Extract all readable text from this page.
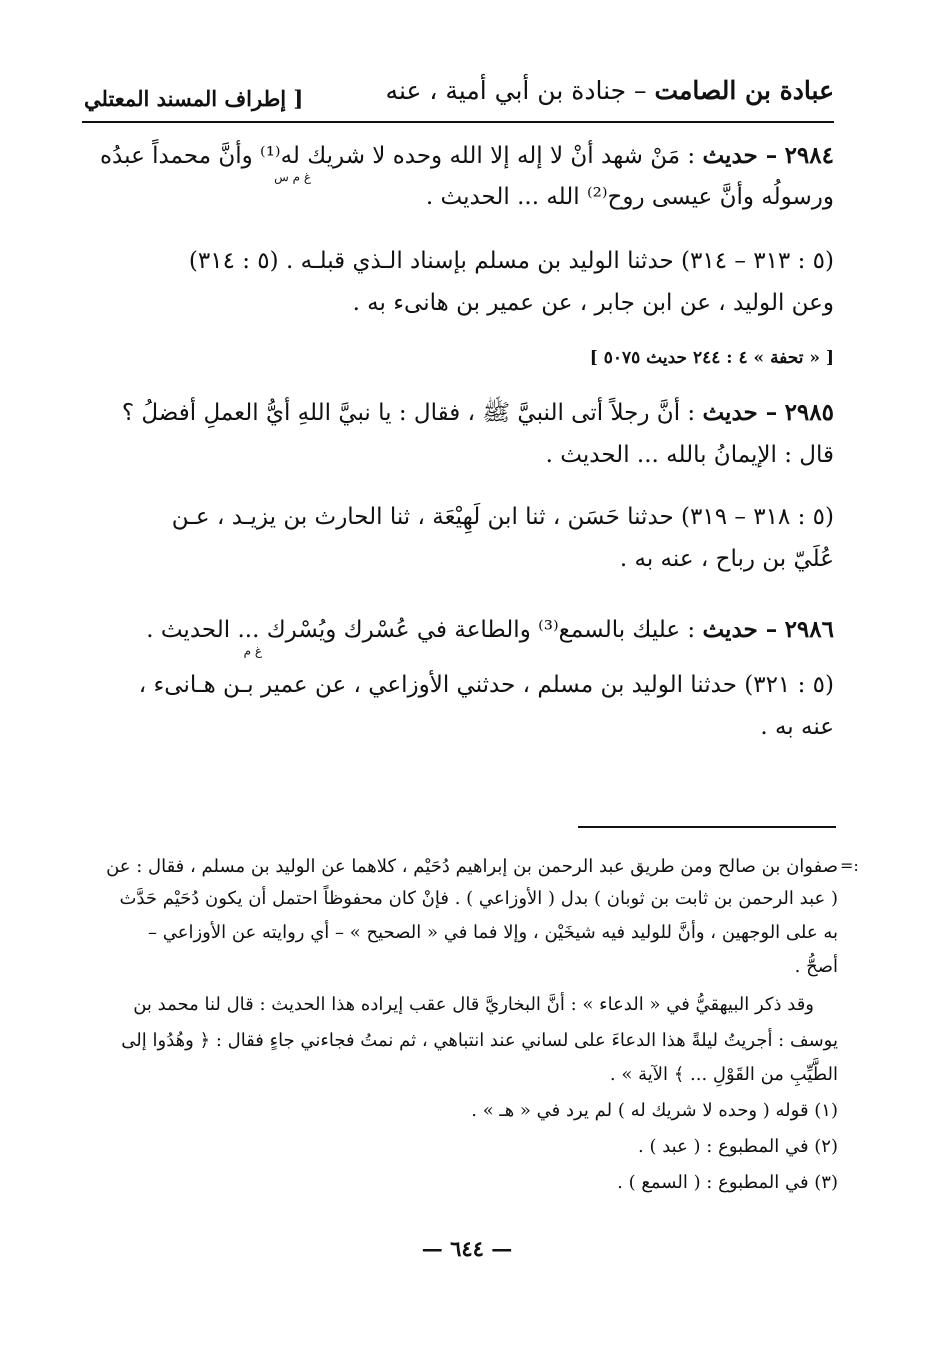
عبادة بن الصامت – جنادة بن أبي أمية ، عنه
[ إطراف المسند المعتلي
٢٩٨٤ – حديث : مَنْ شهد أنْ لا إله إلا الله وحده لا شريك له⁽¹⁾ وأنَّ محمداً عبدُه
غ م س
ورسولُه وأنَّ عيسى روح⁽²⁾ الله ... الحديث .
(٥ : ٣١٣ – ٣١٤) حدثنا الوليد بن مسلم بإسناد الـذي قبلـه . (٥ : ٣١٤)
وعن الوليد ، عن ابن جابر ، عن عمير بن هانىء به .
[ « تحفة » ٤ : ٢٤٤ حديث ٥٠٧٥ ]
٢٩٨٥ – حديث : أنَّ رجلاً أتى النبيَّ ﷺ ، فقال : يا نبيَّ اللهِ أيُّ العملِ أفضلُ ؟
قال : الإيمانُ بالله ... الحديث .
(٥ : ٣١٨ – ٣١٩) حدثنا حَسَن ، ثنا ابن لَهِيْعَة ، ثنا الحارث بن يزيـد ، عـن
عُلَيّ بن رباح ، عنه به .
٢٩٨٦ – حديث : عليك بالسمع⁽³⁾ والطاعة في عُسْرك ويُسْرك ... الحديث .
غ م
(٥ : ٣٢١) حدثنا الوليد بن مسلم ، حدثني الأوزاعي ، عن عمير بـن هـانىء ،
عنه به .
=:
صفوان بن صالح ومن طريق عبد الرحمن بن إبراهيم دُحَيْم ، كلاهما عن الوليد بن مسلم ، فقال : عن
( عبد الرحمن بن ثابت بن ثوبان ) بدل ( الأوزاعي ) . فإنْ كان محفوظاً احتمل أن يكون دُحَيْم حَدَّث
به على الوجهين ، وأنَّ للوليد فيه شيخَيْن ، وإلا فما في « الصحيح » – أي روايته عن الأوزاعي –
أصحُّ .
وقد ذكر البيهقيُّ في « الدعاء » : أنَّ البخاريَّ قال عقب إيراده هذا الحديث : قال لنا محمد بن
يوسف : أجريتُ ليلةً هذا الدعاءَ على لساني عند انتباهي ، ثم نمتُ فجاءني جاءٍ فقال : ﴿ وهُدُوا إلى
الطَّيِّبِ من القَوْلِ ... ﴾ الآية » .
(١) قوله ( وحده لا شريك له ) لم يرد في « هـ » .
(٢) في المطبوع : ( عبد ) .
(٣) في المطبوع : ( السمع ) .
— ٦٤٤ —
